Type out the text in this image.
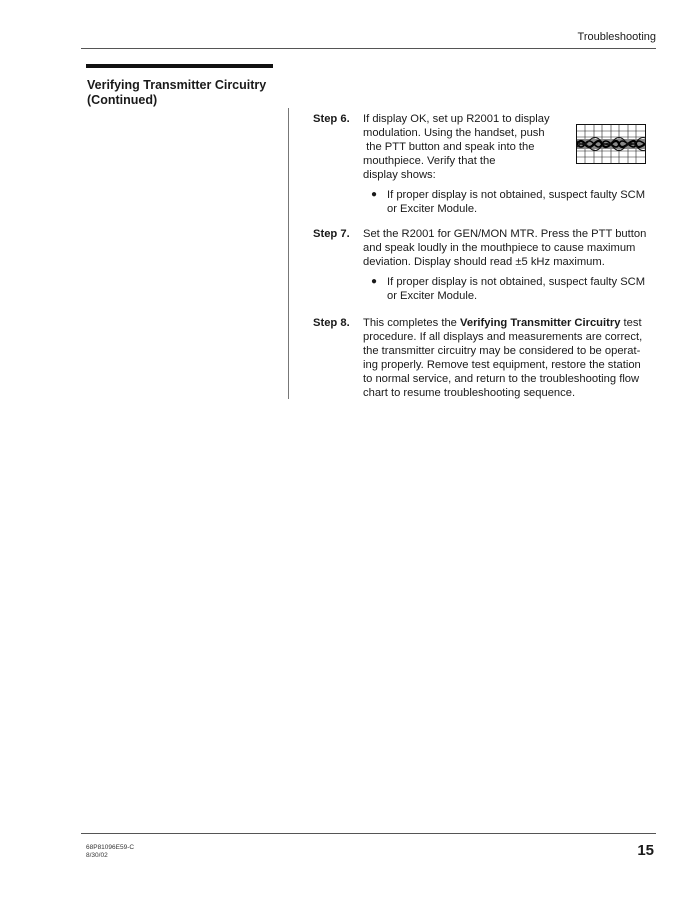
Troubleshooting
Verifying Transmitter Circuitry
(Continued)
Step 6. If display OK, set up R2001 to display

modulation. Using the handset, push

the PTT button and speak into the

mouthpiece. Verify that the

display shows:

● If proper display is not obtained, suspect faulty SCM

or Exciter Module.

Step 7. Set the R2001 for GEN/MON MTR. Press the PTT button

and speak loudly in the mouthpiece to cause maximum

deviation. Display should read ±5 kHz maximum.

● If proper display is not obtained, suspect faulty SCM

or Exciter Module.

Step 8. This completes the Verifying Transmitter Circuitry test

procedure. If all displays and measurements are correct,

the transmitter circuitry may be considered to be operat-

ing properly. Remove test equipment, restore the station

to normal service, and return to the troubleshooting flow

chart to resume troubleshooting sequence.

68P81096E59-C
8/30/02	15
